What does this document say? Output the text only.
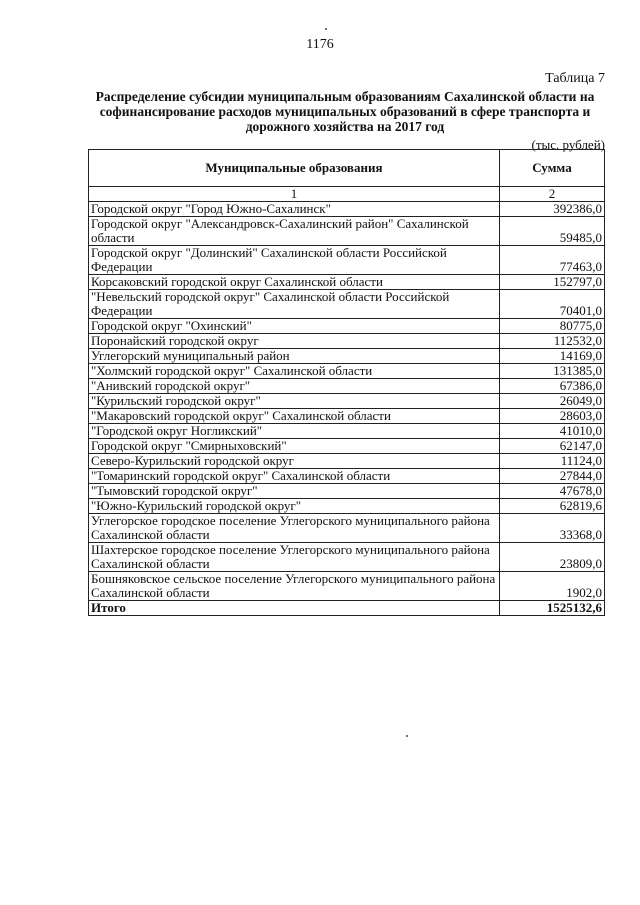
1176
Таблица 7
Распределение субсидии муниципальным образованиям Сахалинской области на софинансирование расходов муниципальных образований в сфере транспорта и дорожного хозяйства на 2017 год
(тыс. рублей)
Муниципальные образования	Сумма
1	2
Городской округ "Город Южно-Сахалинск"	392386,0
Городской округ "Александровск-Сахалинский район" Сахалинской области	59485,0
Городской округ "Долинский" Сахалинской области Российской Федерации	77463,0
Корсаковский городской округ Сахалинской области	152797,0
"Невельский городской округ" Сахалинской области Российской Федерации	70401,0
Городской округ "Охинский"	80775,0
Поронайский городской округ	112532,0
Углегорский муниципальный район	14169,0
"Холмский городской округ" Сахалинской области	131385,0
"Анивский городской округ"	67386,0
"Курильский городской округ"	26049,0
"Макаровский городской округ" Сахалинской области	28603,0
"Городской округ Ногликский"	41010,0
Городской округ "Смирныховский"	62147,0
Северо-Курильский городской округ	11124,0
"Томаринский городской округ" Сахалинской области	27844,0
"Тымовский городской округ"	47678,0
"Южно-Курильский городской округ"	62819,6
Углегорское городское поселение Углегорского муниципального района Сахалинской области	33368,0
Шахтерское городское поселение Углегорского муниципального района Сахалинской области	23809,0
Бошняковское сельское поселение Углегорского муниципального района Сахалинской области	1902,0
Итого	1525132,6
